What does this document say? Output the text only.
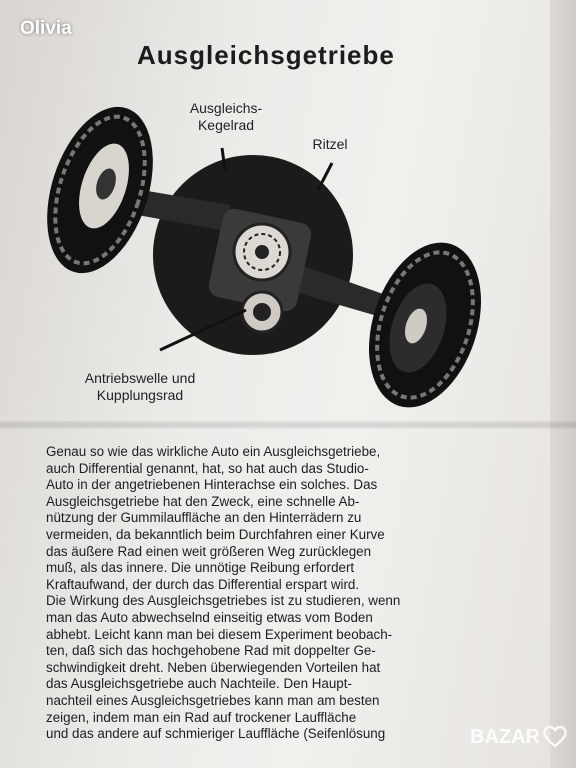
Olivia
Ausgleichsgetriebe
Ausgleichs-
Kegelrad
Ritzel
Antriebswelle und
Kupplungsrad
Genau so wie das wirkliche Auto ein Ausgleichsgetriebe,
auch Differential genannt, hat, so hat auch das Studio-
Auto in der angetriebenen Hinterachse ein solches. Das
Ausgleichsgetriebe hat den Zweck, eine schnelle Ab-
nützung der Gummilauffläche an den Hinterrädern zu
vermeiden, da bekanntlich beim Durchfahren einer Kurve
das äußere Rad einen weit größeren Weg zurücklegen
muß, als das innere. Die unnötige Reibung erfordert
Kraftaufwand, der durch das Differential erspart wird.
Die Wirkung des Ausgleichsgetriebes ist zu studieren, wenn
man das Auto abwechselnd einseitig etwas vom Boden
abhebt. Leicht kann man bei diesem Experiment beobach-
ten, daß sich das hochgehobene Rad mit doppelter Ge-
schwindigkeit dreht. Neben überwiegenden Vorteilen hat
das Ausgleichsgetriebe auch Nachteile. Den Haupt-
nachteil eines Ausgleichsgetriebes kann man am besten
zeigen, indem man ein Rad auf trockener Lauffläche
und das andere auf schmieriger Lauffläche (Seifenlösung	BAZAR
